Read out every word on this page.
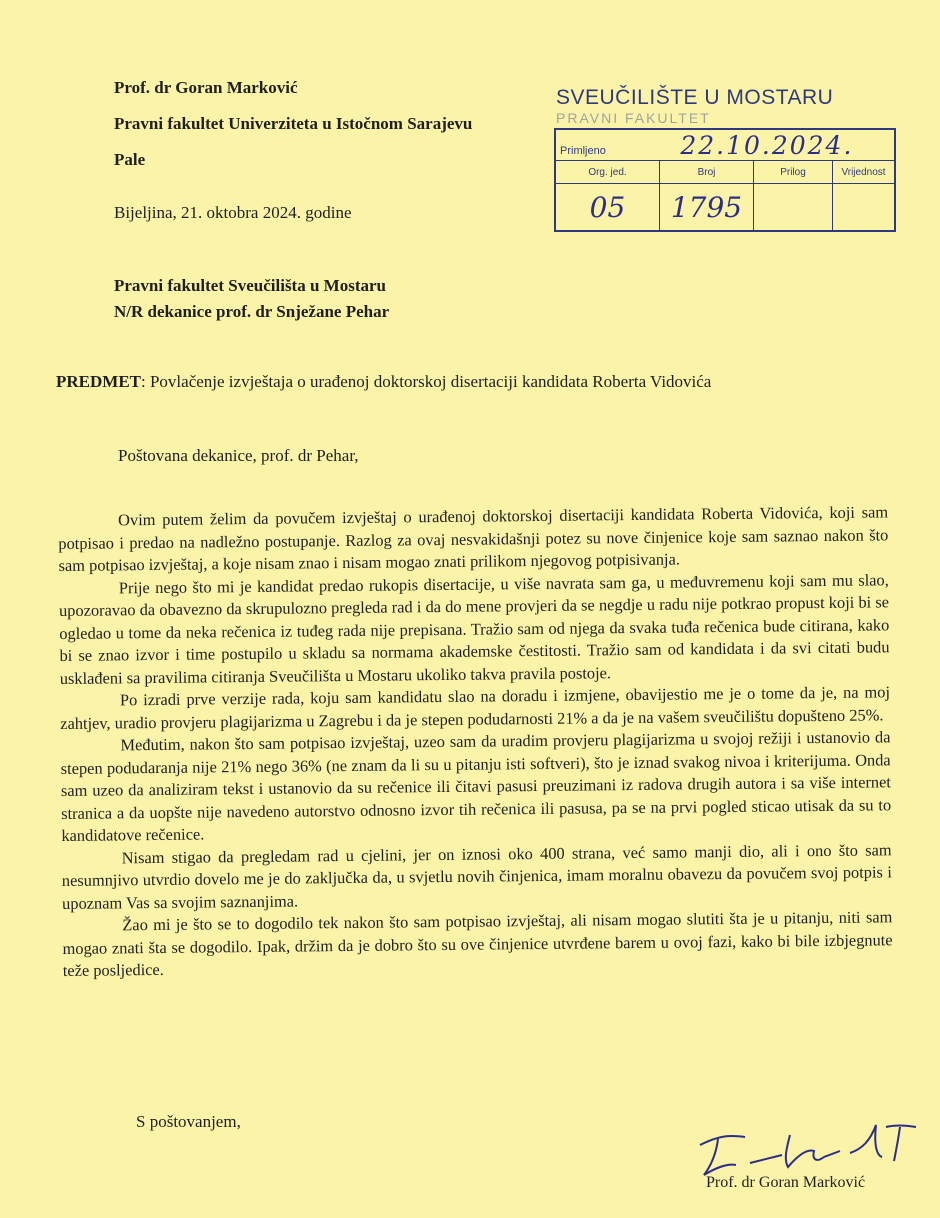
Prof. dr Goran Marković
Pravni fakultet Univerziteta u Istočnom Sarajevu
Pale
SVEUČILIŠTE U MOSTARU
PRAVNI FAKULTET
Primljeno 22.10.2024.			
Org. jed.	Broj	Prilog	Vrijednost
05	1795		
Bijeljina, 21. oktobra 2024. godine
Pravni fakultet Sveučilišta u Mostaru
N/R dekanice prof. dr Snježane Pehar
PREDMET: Povlačenje izvještaja o urađenoj doktorskoj disertaciji kandidata Roberta Vidovića
Poštovana dekanice, prof. dr Pehar,

Ovim putem želim da povučem izvještaj o urađenoj doktorskoj disertaciji kandidata Roberta Vidovića, koji sam potpisao i predao na nadležno postupanje. Razlog za ovaj nesvakidašnji potez su nove činjenice koje sam saznao nakon što sam potpisao izvještaj, a koje nisam znao i nisam mogao znati prilikom njegovog potpisivanja.

Prije nego što mi je kandidat predao rukopis disertacije, u više navrata sam ga, u međuvremenu koji sam mu slao, upozoravao da obavezno da skrupulozno pregleda rad i da do mene provjeri da se negdje u radu nije potkrao propust koji bi se ogledao u tome da neka rečenica iz tuđeg rada nije prepisana. Tražio sam od njega da svaka tuđa rečenica bude citirana, kako bi se znao izvor i time postupilo u skladu sa normama akademske čestitosti. Tražio sam od kandidata i da svi citati budu usklađeni sa pravilima citiranja Sveučilišta u Mostaru ukoliko takva pravila postoje.

Po izradi prve verzije rada, koju sam kandidatu slao na doradu i izmjene, obavijestio me je o tome da je, na moj zahtjev, uradio provjeru plagijarizma u Zagrebu i da je stepen podudarnosti 21% a da je na vašem sveučilištu dopušteno 25%.

Međutim, nakon što sam potpisao izvještaj, uzeo sam da uradim provjeru plagijarizma u svojoj režiji i ustanovio da stepen podudaranja nije 21% nego 36% (ne znam da li su u pitanju isti softveri), što je iznad svakog nivoa i kriterijuma. Onda sam uzeo da analiziram tekst i ustanovio da su rečenice ili čitavi pasusi preuzimani iz radova drugih autora i sa više internet stranica a da uopšte nije navedeno autorstvo odnosno izvor tih rečenica ili pasusa, pa se na prvi pogled sticao utisak da su to kandidatove rečenice.

Nisam stigao da pregledam rad u cjelini, jer on iznosi oko 400 strana, već samo manji dio, ali i ono što sam nesumnjivo utvrdio dovelo me je do zaključka da, u svjetlu novih činjenica, imam moralnu obavezu da povučem svoj potpis i upoznam Vas sa svojim saznanjima.

Žao mi je što se to dogodilo tek nakon što sam potpisao izvještaj, ali nisam mogao slutiti šta je u pitanju, niti sam mogao znati šta se dogodilo. Ipak, držim da je dobro što su ove činjenice utvrđene barem u ovoj fazi, kako bi bile izbjegnute teže posljedice.

S poštovanjem,
Prof. dr Goran Marković
